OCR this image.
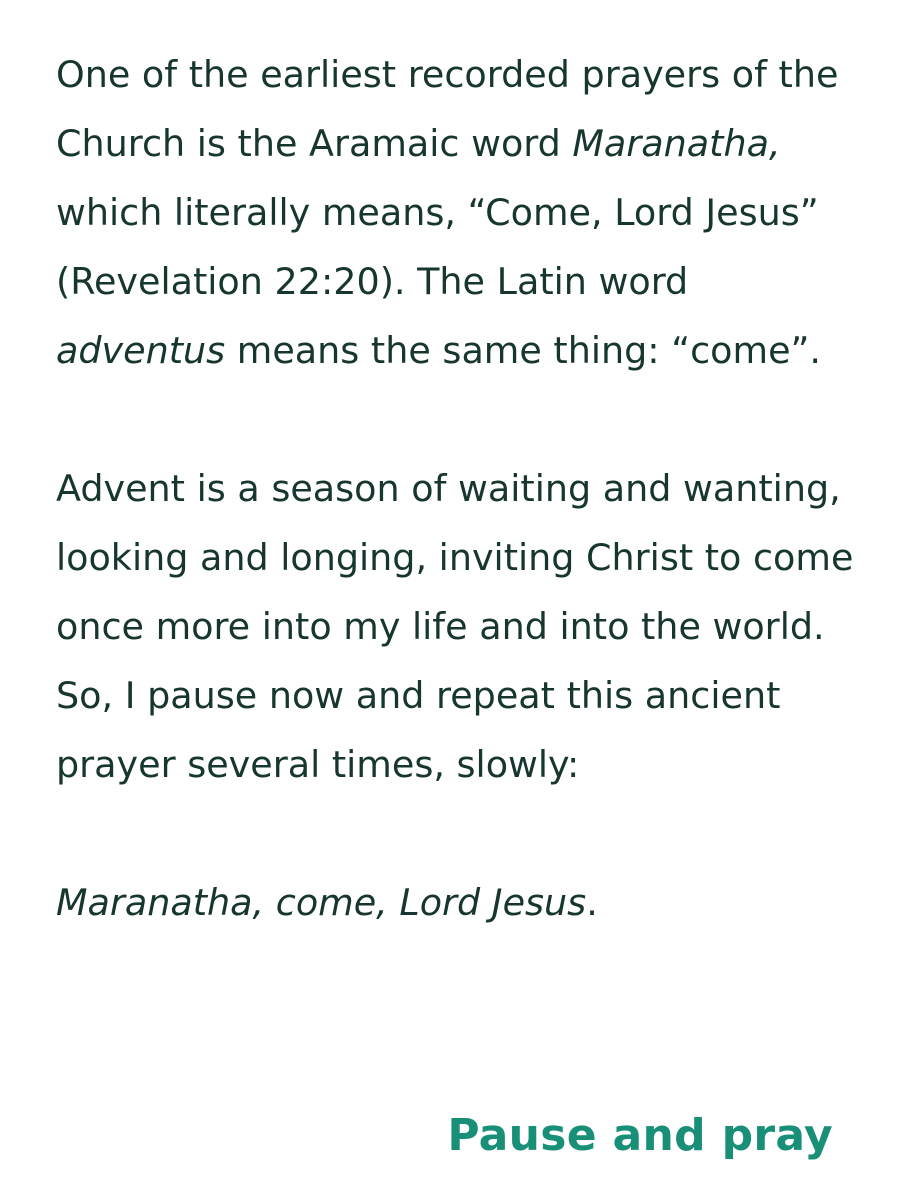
One of the earliest recorded prayers of the Church is the Aramaic word Maranatha, which literally means, “Come, Lord Jesus” (Revelation 22:20). The Latin word adventus means the same thing: “come”.

Advent is a season of waiting and wanting, looking and longing, inviting Christ to come once more into my life and into the world. So, I pause now and repeat this ancient prayer several times, slowly:

Maranatha, come, Lord Jesus.

Pause and pray
